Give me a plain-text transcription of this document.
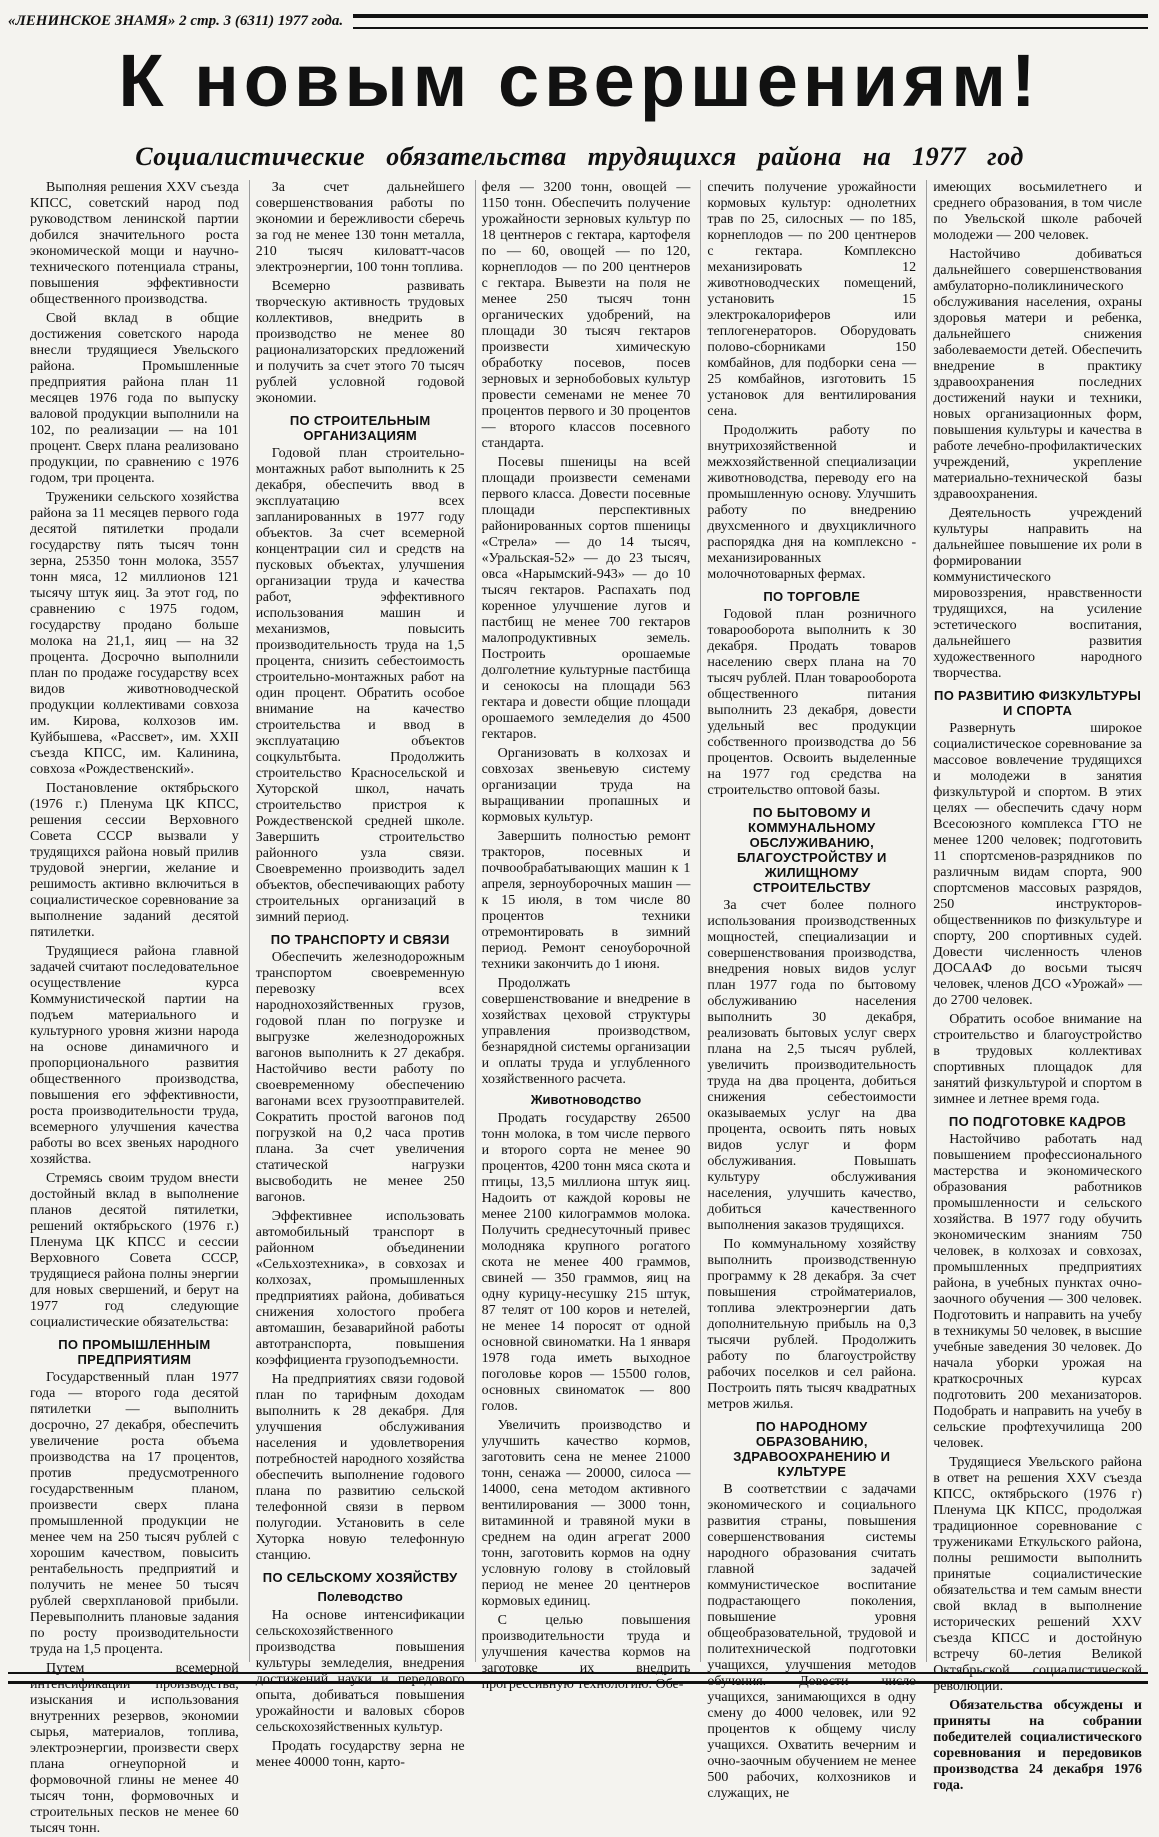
«ЛЕНИНСКОЕ ЗНАМЯ» 2 стр. 3 (6311) 1977 года.
К новым свершениям!
Социалистические обязательства трудящихся района на 1977 год

Выполняя решения XXV съезда КПСС, советский народ под руководством ленинской партии добился значительного роста экономической мощи и научно-технического потенциала страны, повышения эффективности общественного производства.

Свой вклад в общие достижения советского народа внесли трудящиеся Увельского района. Промышленные предприятия района план 11 месяцев 1976 года по выпуску валовой продукции выполнили на 102, по реализации — на 101 процент. Сверх плана реализовано продукции, по сравнению с 1976 годом, три процента.

Труженики сельского хозяйства района за 11 месяцев первого года десятой пятилетки продали государству пять тысяч тонн зерна, 25350 тонн молока, 3557 тонн мяса, 12 миллионов 121 тысячу штук яиц. За этот год, по сравнению с 1975 годом, государству продано больше молока на 21,1, яиц — на 32 процента. Досрочно выполнили план по продаже государству всех видов животноводческой продукции коллективами совхоза им. Кирова, колхозов им. Куйбышева, «Рассвет», им. XXII съезда КПСС, им. Калинина, совхоза «Рождественский».

Постановление октябрьского (1976 г.) Пленума ЦК КПСС, решения сессии Верховного Совета СССР вызвали у трудящихся района новый прилив трудовой энергии, желание и решимость активно включиться в социалистическое соревнование за выполнение заданий десятой пятилетки.

Трудящиеся района главной задачей считают последовательное осуществление курса Коммунистической партии на подъем материального и культурного уровня жизни народа на основе динамичного и пропорционального развития общественного производства, повышения его эффективности, роста производительности труда, всемерного улучшения качества работы во всех звеньях народного хозяйства.

Стремясь своим трудом внести достойный вклад в выполнение планов десятой пятилетки, решений октябрьского (1976 г.) Пленума ЦК КПСС и сессии Верховного Совета СССР, трудящиеся района полны энергии для новых свершений, и берут на 1977 год следующие социалистические обязательства:

ПО ПРОМЫШЛЕННЫМ ПРЕДПРИЯТИЯМ

Государственный план 1977 года — второго года десятой пятилетки — выполнить досрочно, 27 декабря, обеспечить увеличение роста объема производства на 17 процентов, против предусмотренного государственным планом, произвести сверх плана промышленной продукции не менее чем на 250 тысяч рублей с хорошим качеством, повысить рентабельность предприятий и получить не менее 50 тысяч рублей сверхплановой прибыли. Перевыполнить плановые задания по росту производительности труда на 1,5 процента.

Путем всемерной интенсификации производства, изыскания и использования внутренних резервов, экономии сырья, материалов, топлива, электроэнергии, произвести сверх плана огнеупорной и формовочной глины не менее 40 тысяч тонн, формовочных и строительных песков не менее 60 тысяч тонн.

За счет дальнейшего совершенствования работы по экономии и бережливости сберечь за год не менее 130 тонн металла, 210 тысяч киловатт-часов электроэнергии, 100 тонн топлива.

Всемерно развивать творческую активность трудовых коллективов, внедрить в производство не менее 80 рационализаторских предложений и получить за счет этого 70 тысяч рублей условной годовой экономии.

ПО СТРОИТЕЛЬНЫМ ОРГАНИЗАЦИЯМ

Годовой план строительно-монтажных работ выполнить к 25 декабря, обеспечить ввод в эксплуатацию всех запланированных в 1977 году объектов. За счет всемерной концентрации сил и средств на пусковых объектах, улучшения организации труда и качества работ, эффективного использования машин и механизмов, повысить производительность труда на 1,5 процента, снизить себестоимость строительно-монтажных работ на один процент. Обратить особое внимание на качество строительства и ввод в эксплуатацию объектов соцкультбыта. Продолжить строительство Красносельской и Хуторской школ, начать строительство пристроя к Рождественской средней школе. Завершить строительство районного узла связи. Своевременно производить задел объектов, обеспечивающих работу строительных организаций в зимний период.

ПО ТРАНСПОРТУ И СВЯЗИ

Обеспечить железнодорожным транспортом своевременную перевозку всех народнохозяйственных грузов, годовой план по погрузке и выгрузке железнодорожных вагонов выполнить к 27 декабря. Настойчиво вести работу по своевременному обеспечению вагонами всех грузоотправителей. Сократить простой вагонов под погрузкой на 0,2 часа против плана. За счет увеличения статической нагрузки высвободить не менее 250 вагонов.

Эффективнее использовать автомобильный транспорт в районном объединении «Сельхозтехника», в совхозах и колхозах, промышленных предприятиях района, добиваться снижения холостого пробега автомашин, безаварийной работы автотранспорта, повышения коэффициента грузоподъемности.

На предприятиях связи годовой план по тарифным доходам выполнить к 28 декабря. Для улучшения обслуживания населения и удовлетворения потребностей народного хозяйства обеспечить выполнение годового плана по развитию сельской телефонной связи в первом полугодии. Установить в селе Хуторка новую телефонную станцию.

ПО СЕЛЬСКОМУ ХОЗЯЙСТВУ
Полеводство

На основе интенсификации сельскохозяйственного производства повышения культуры земледелия, внедрения достижений науки и передового опыта, добиваться повышения урожайности и валовых сборов сельскохозяйственных культур.

Продать государству зерна не менее 40000 тонн, карто-

феля — 3200 тонн, овощей — 1150 тонн. Обеспечить получение урожайности зерновых культур по 18 центнеров с гектара, картофеля по — 60, овощей — по 120, корнеплодов — по 200 центнеров с гектара. Вывезти на поля не менее 250 тысяч тонн органических удобрений, на площади 30 тысяч гектаров произвести химическую обработку посевов, посев зерновых и зернобобовых культур провести семенами не менее 70 процентов первого и 30 процентов — второго классов посевного стандарта.

Посевы пшеницы на всей площади произвести семенами первого класса. Довести посевные площади перспективных районированных сортов пшеницы «Стрела» — до 14 тысяч, «Уральская-52» — до 23 тысяч, овса «Нарымский-943» — до 10 тысяч гектаров. Распахать под коренное улучшение лугов и пастбищ не менее 700 гектаров малопродуктивных земель. Построить орошаемые долголетние культурные пастбища и сенокосы на площади 563 гектара и довести общие площади орошаемого земледелия до 4500 гектаров.

Организовать в колхозах и совхозах звеньевую систему организации труда на выращивании пропашных и кормовых культур.

Завершить полностью ремонт тракторов, посевных и почвообрабатывающих машин к 1 апреля, зерноуборочных машин — к 15 июля, в том числе 80 процентов техники отремонтировать в зимний период. Ремонт сеноуборочной техники закончить до 1 июня.

Продолжать совершенствование и внедрение в хозяйствах цеховой структуры управления производством, безнарядной системы организации и оплаты труда и углубленного хозяйственного расчета.

Животноводство

Продать государству 26500 тонн молока, в том числе первого и второго сорта не менее 90 процентов, 4200 тонн мяса скота и птицы, 13,5 миллиона штук яиц. Надоить от каждой коровы не менее 2100 килограммов молока. Получить среднесуточный привес молодняка крупного рогатого скота не менее 400 граммов, свиней — 350 граммов, яиц на одну курицу-несушку 215 штук, 87 телят от 100 коров и нетелей, не менее 14 поросят от одной основной свиноматки. На 1 января 1978 года иметь выходное поголовье коров — 15500 голов, основных свиноматок — 800 голов.

Увеличить производство и улучшить качество кормов, заготовить сена не менее 21000 тонн, сенажа — 20000, силоса — 14000, сена методом активного вентилирования — 3000 тонн, витаминной и травяной муки в среднем на один агрегат 2000 тонн, заготовить кормов на одну условную голову в стойловый период не менее 20 центнеров кормовых единиц.

С целью повышения производительности труда и улучшения качества кормов на заготовке их внедрить прогрессивную технологию. Обе-

спечить получение урожайности кормовых культур: однолетних трав по 25, силосных — по 185, корнеплодов — по 200 центнеров с гектара. Комплексно механизировать 12 животноводческих помещений, установить 15 электрокалориферов или теплогенераторов. Оборудовать полово-сборниками 150 комбайнов, для подборки сена — 25 комбайнов, изготовить 15 установок для вентилирования сена.

Продолжить работу по внутрихозяйственной и межхозяйственной специализации животноводства, переводу его на промышленную основу. Улучшить работу по внедрению двухсменного и двухцикличного распорядка дня на комплексно - механизированных молочнотоварных фермах.

ПО ТОРГОВЛЕ

Годовой план розничного товарооборота выполнить к 30 декабря. Продать товаров населению сверх плана на 70 тысяч рублей. План товарооборота общественного питания выполнить 23 декабря, довести удельный вес продукции собственного производства до 56 процентов. Освоить выделенные на 1977 год средства на строительство оптовой базы.

ПО БЫТОВОМУ И КОММУНАЛЬНОМУ ОБСЛУЖИВАНИЮ, БЛАГОУСТРОЙСТВУ И ЖИЛИЩНОМУ СТРОИТЕЛЬСТВУ

За счет более полного использования производственных мощностей, специализации и совершенствования производства, внедрения новых видов услуг план 1977 года по бытовому обслуживанию населения выполнить 30 декабря, реализовать бытовых услуг сверх плана на 2,5 тысяч рублей, увеличить производительность труда на два процента, добиться снижения себестоимости оказываемых услуг на два процента, освоить пять новых видов услуг и форм обслуживания. Повышать культуру обслуживания населения, улучшить качество, добиться качественного выполнения заказов трудящихся.

По коммунальному хозяйству выполнить производственную программу к 28 декабря. За счет повышения стройматериалов, топлива электроэнергии дать дополнительную прибыль на 0,3 тысячи рублей. Продолжить работу по благоустройству рабочих поселков и сел района. Построить пять тысяч квадратных метров жилья.

ПО НАРОДНОМУ ОБРАЗОВАНИЮ, ЗДРАВООХРАНЕНИЮ И КУЛЬТУРЕ

В соответствии с задачами экономического и социального развития страны, повышения совершенствования системы народного образования считать главной задачей коммунистическое воспитание подрастающего поколения, повышение уровня общеобразовательной, трудовой и политехнической подготовки учащихся, улучшения методов обучения. Довести число учащихся, занимающихся в одну смену до 4000 человек, или 92 процентов к общему числу учащихся. Охватить вечерним и очно-заочным обучением не менее 500 рабочих, колхозников и служащих, не

имеющих восьмилетнего и среднего образования, в том числе по Увельской школе рабочей молодежи — 200 человек.

Настойчиво добиваться дальнейшего совершенствования амбулаторно-поликлинического обслуживания населения, охраны здоровья матери и ребенка, дальнейшего снижения заболеваемости детей. Обеспечить внедрение в практику здравоохранения последних достижений науки и техники, новых организационных форм, повышения культуры и качества в работе лечебно-профилактических учреждений, укрепление материально-технической базы здравоохранения.

Деятельность учреждений культуры направить на дальнейшее повышение их роли в формировании коммунистического мировоззрения, нравственности трудящихся, на усиление эстетического воспитания, дальнейшего развития художественного народного творчества.

ПО РАЗВИТИЮ ФИЗКУЛЬТУРЫ И СПОРТА

Развернуть широкое социалистическое соревнование за массовое вовлечение трудящихся и молодежи в занятия физкультурой и спортом. В этих целях — обеспечить сдачу норм Всесоюзного комплекса ГТО не менее 1200 человек; подготовить 11 спортсменов-разрядников по различным видам спорта, 900 спортсменов массовых разрядов, 250 инструкторов-общественников по физкультуре и спорту, 200 спортивных судей. Довести численность членов ДОСААФ до восьми тысяч человек, членов ДСО «Урожай» — до 2700 человек.

Обратить особое внимание на строительство и благоустройство в трудовых коллективах спортивных площадок для занятий физкультурой и спортом в зимнее и летнее время года.

ПО ПОДГОТОВКЕ КАДРОВ

Настойчиво работать над повышением профессионального мастерства и экономического образования работников промышленности и сельского хозяйства. В 1977 году обучить экономическим знаниям 750 человек, в колхозах и совхозах, промышленных предприятиях района, в учебных пунктах очно-заочного обучения — 300 человек. Подготовить и направить на учебу в техникумы 50 человек, в высшие учебные заведения 30 человек. До начала уборки урожая на краткосрочных курсах подготовить 200 механизаторов. Подобрать и направить на учебу в сельские профтехучилища 200 человек.

Трудящиеся Увельского района в ответ на решения XXV съезда КПСС, октябрьского (1976 г) Пленума ЦК КПСС, продолжая традиционное соревнование с тружениками Еткульского района, полны решимости выполнить принятые социалистические обязательства и тем самым внести свой вклад в выполнение исторических решений XXV съезда КПСС и достойную встречу 60-летия Великой Октябрьской социалистической революции.

Обязательства обсуждены и приняты на собрании победителей социалистического соревнования и передовиков производства 24 декабря 1976 года.
